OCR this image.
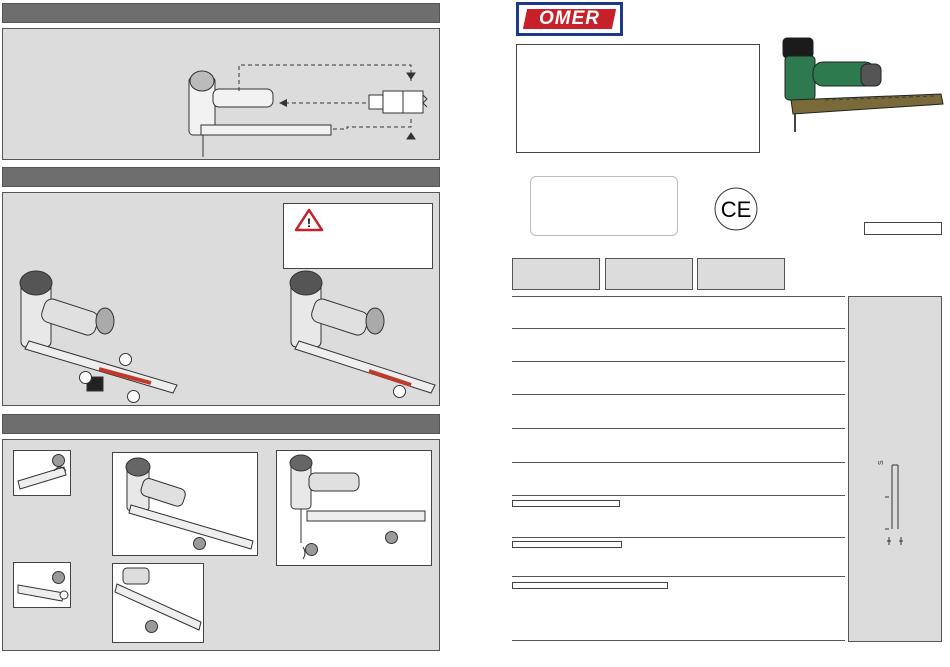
!
OMER
CE
S
